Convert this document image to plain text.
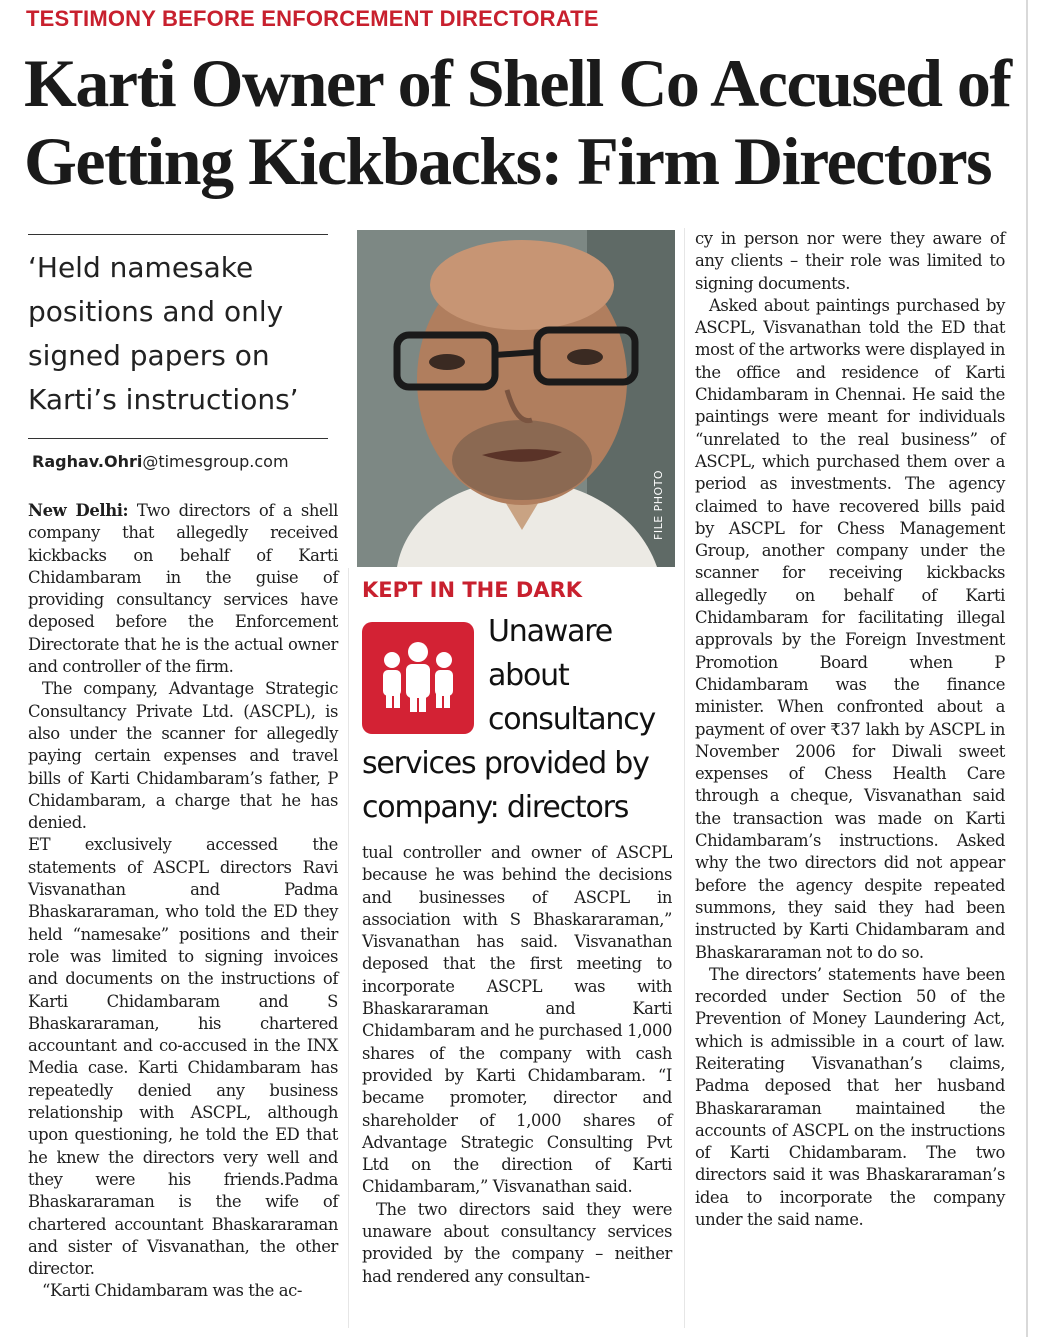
TESTIMONY BEFORE ENFORCEMENT DIRECTORATE
Karti Owner of Shell Co Accused of Getting Kickbacks: Firm Directors

‘Held namesake positions and only signed papers on Karti’s instructions’

Raghav.Ohri@timesgroup.com
FILE PHOTO
KEPT IN THE DARK

Unaware about consultancy services provided by company: directors

New Delhi: Two directors of a shell company that allegedly received kickbacks on behalf of Karti Chidambaram in the guise of providing consultancy services have deposed before the Enforcement Directorate that he is the actual owner and controller of the firm.

The company, Advantage Strategic Consultancy Private Ltd. (ASCPL), is also under the scanner for allegedly paying certain expenses and travel bills of Karti Chidambaram’s father, P Chidambaram, a charge that he has denied.

ET exclusively accessed the statements of ASCPL directors Ravi Visvanathan and Padma Bhaskararaman, who told the ED they held “namesake” positions and their role was limited to signing invoices and documents on the instructions of Karti Chidambaram and S Bhaskararaman, his chartered accountant and co-accused in the INX Media case. Karti Chidambaram has repeatedly denied any business relationship with ASCPL, although upon questioning, he told the ED that he knew the directors very well and they were his friends.Padma Bhaskararaman is the wife of chartered accountant Bhaskararaman and sister of Visvanathan, the other director.

“Karti Chidambaram was the ac-

tual controller and owner of ASCPL because he was behind the decisions and businesses of ASCPL in association with S Bhaskararaman,” Visvanathan has said. Visvanathan deposed that the first meeting to incorporate ASCPL was with Bhaskararaman and Karti Chidambaram and he purchased 1,000 shares of the company with cash provided by Karti Chidambaram. “I became promoter, director and shareholder of 1,000 shares of Advantage Strategic Consulting Pvt Ltd on the direction of Karti Chidambaram,” Visvanathan said.

The two directors said they were unaware about consultancy services provided by the company – neither had rendered any consultan-

cy in person nor were they aware of any clients – their role was limited to signing documents.

Asked about paintings purchased by ASCPL, Visvanathan told the ED that most of the artworks were displayed in the office and residence of Karti Chidambaram in Chennai. He said the paintings were meant for individuals “unrelated to the real business” of ASCPL, which purchased them over a period as investments. The agency claimed to have recovered bills paid by ASCPL for Chess Management Group, another company under the scanner for receiving kickbacks allegedly on behalf of Karti Chidambaram for facilitating illegal approvals by the Foreign Investment Promotion Board when P Chidambaram was the finance minister. When confronted about a payment of over ₹37 lakh by ASCPL in November 2006 for Diwali sweet expenses of Chess Health Care through a cheque, Visvanathan said the transaction was made on Karti Chidambaram’s instructions. Asked why the two directors did not appear before the agency despite repeated summons, they said they had been instructed by Karti Chidambaram and Bhaskararaman not to do so.

The directors’ statements have been recorded under Section 50 of the Prevention of Money Laundering Act, which is admissible in a court of law. Reiterating Visvanathan’s claims, Padma deposed that her husband Bhaskararaman maintained the accounts of ASCPL on the instructions of Karti Chidambaram. The two directors said it was Bhaskararaman’s idea to incorporate the company under the said name.
